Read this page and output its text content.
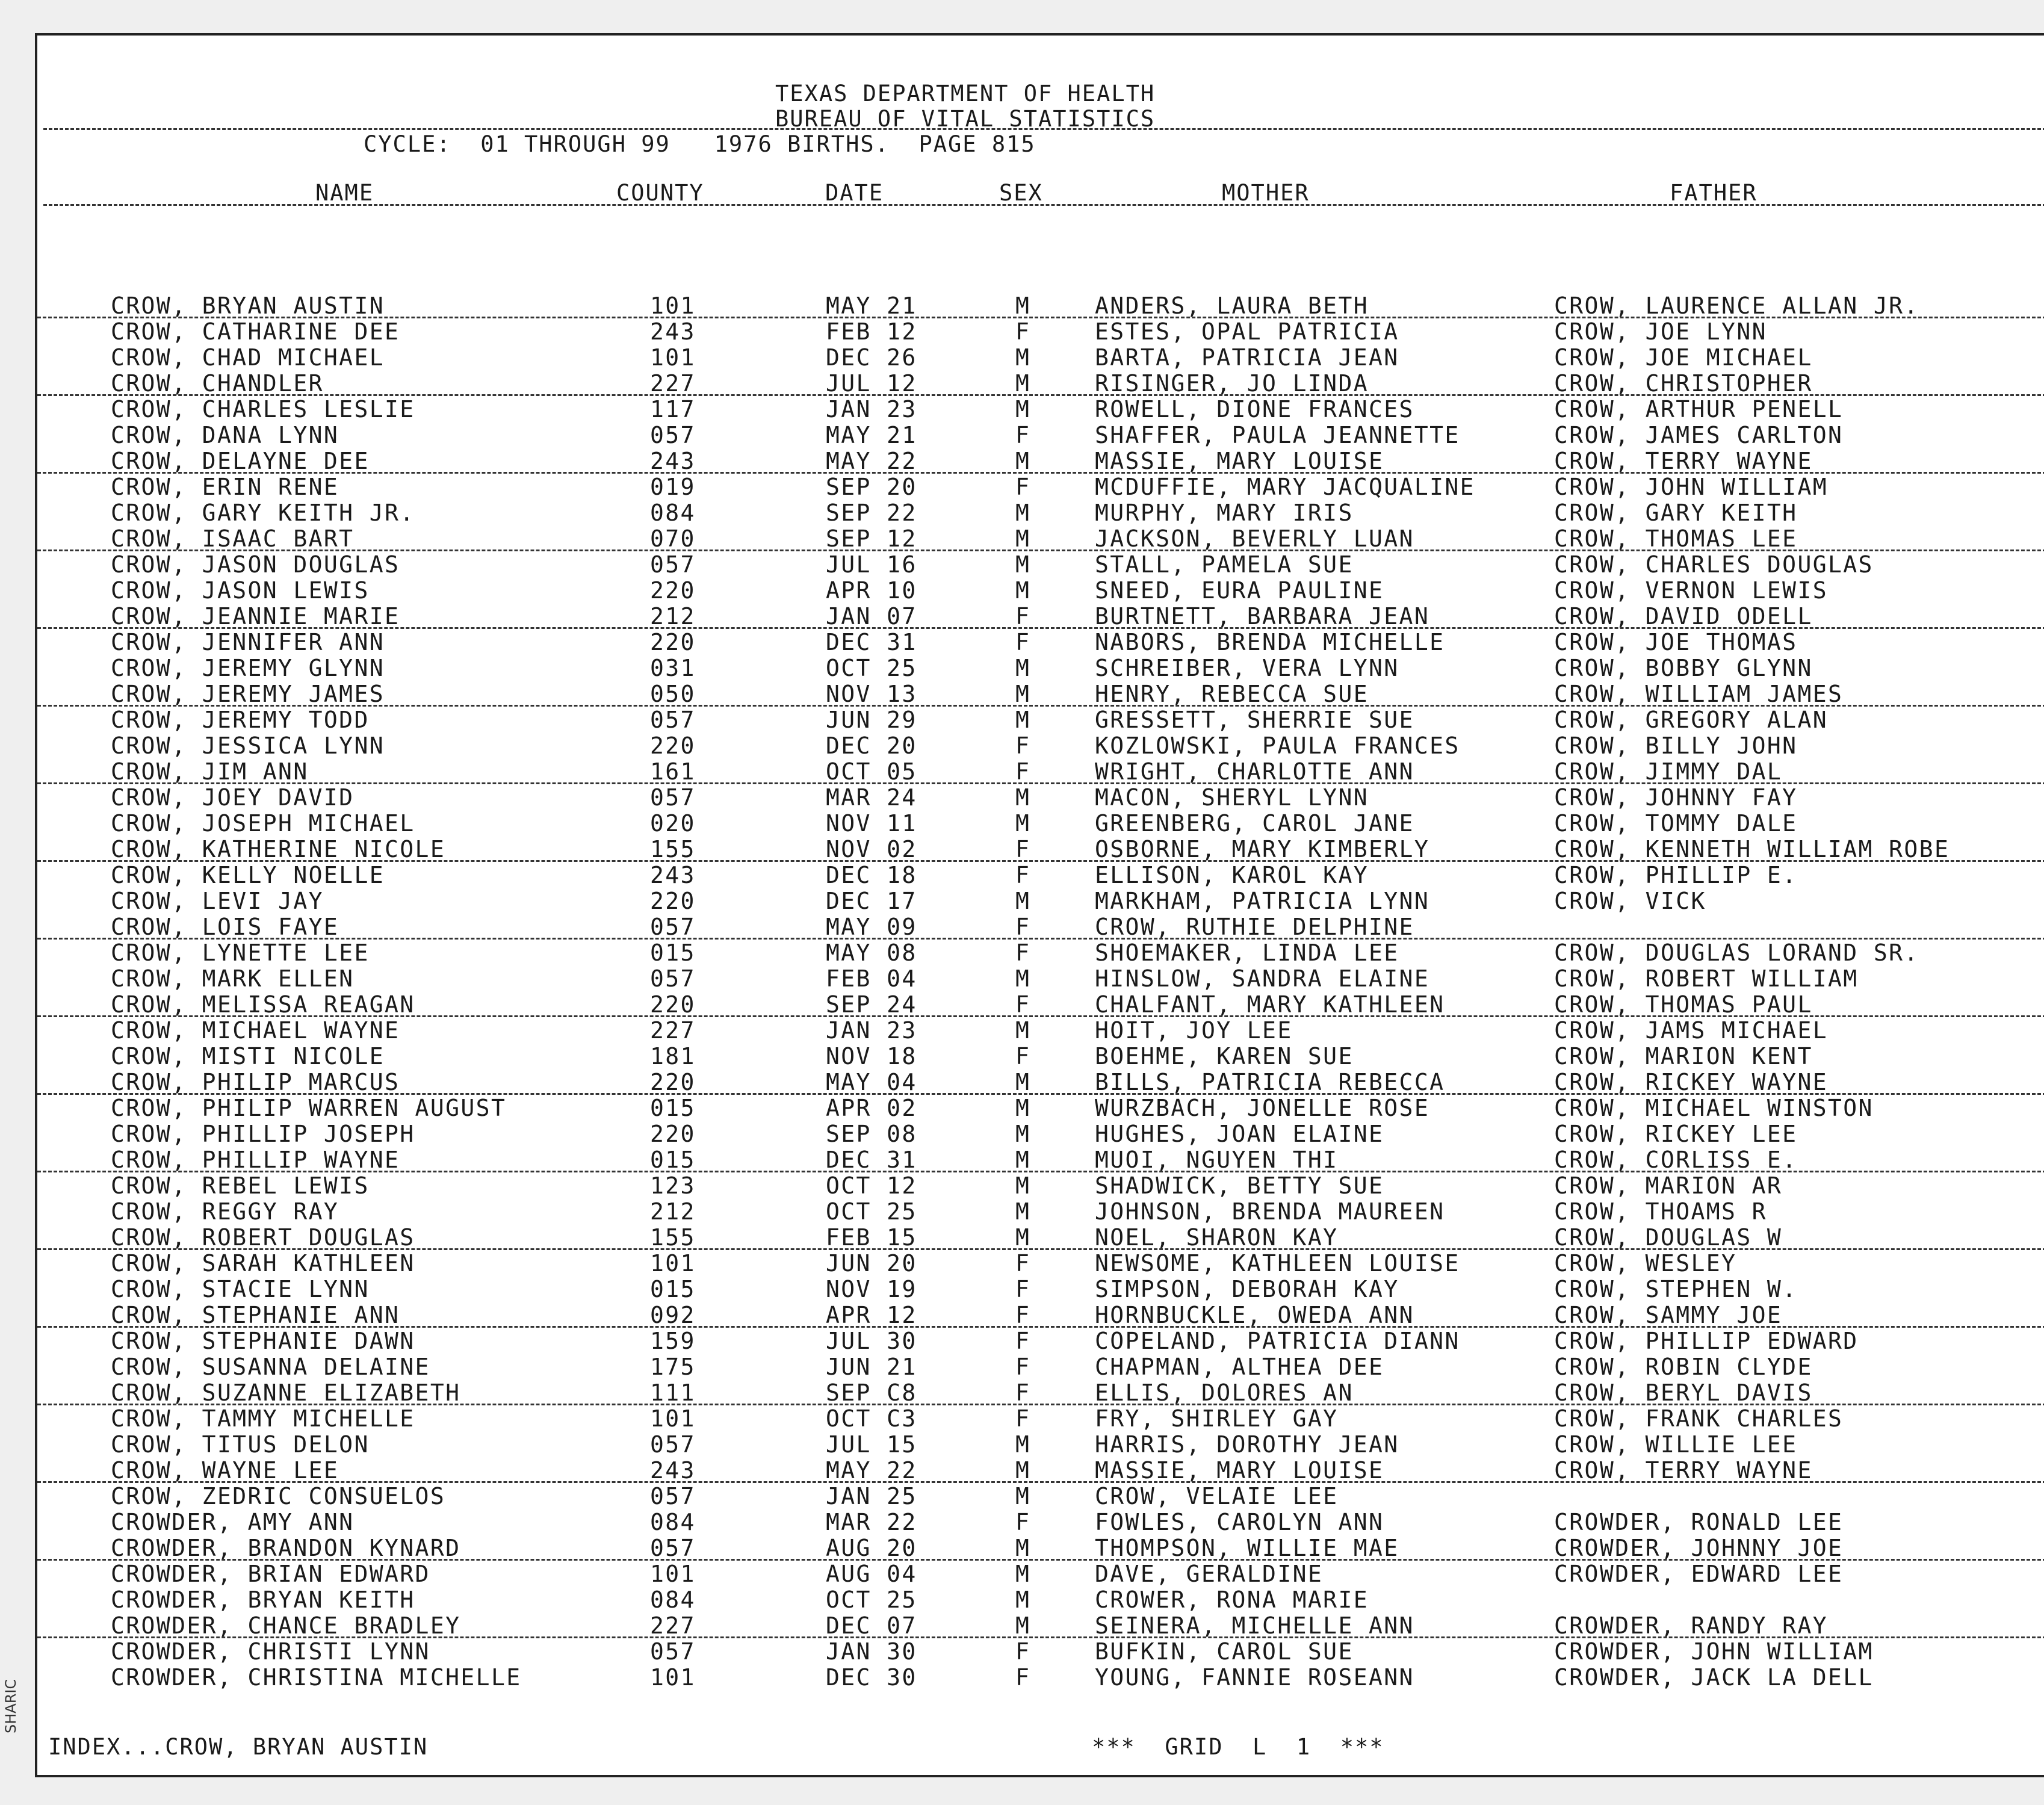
TEXAS DEPARTMENT OF HEALTH
BUREAU OF VITAL STATISTICS
CYCLE:  01 THROUGH 99   1976 BIRTHS.  PAGE 815
NAME	COUNTY	DATE	SEX	MOTHER	FATHER
CROW, BRYAN AUSTIN	101	MAY 21	M	ANDERS, LAURA BETH	CROW, LAURENCE ALLAN JR.
CROW, CATHARINE DEE	243	FEB 12	F	ESTES, OPAL PATRICIA	CROW, JOE LYNN
CROW, CHAD MICHAEL	101	DEC 26	M	BARTA, PATRICIA JEAN	CROW, JOE MICHAEL
CROW, CHANDLER	227	JUL 12	M	RISINGER, JO LINDA	CROW, CHRISTOPHER
CROW, CHARLES LESLIE	117	JAN 23	M	ROWELL, DIONE FRANCES	CROW, ARTHUR PENELL
CROW, DANA LYNN	057	MAY 21	F	SHAFFER, PAULA JEANNETTE	CROW, JAMES CARLTON
CROW, DELAYNE DEE	243	MAY 22	M	MASSIE, MARY LOUISE	CROW, TERRY WAYNE
CROW, ERIN RENE	019	SEP 20	F	MCDUFFIE, MARY JACQUALINE	CROW, JOHN WILLIAM
CROW, GARY KEITH JR.	084	SEP 22	M	MURPHY, MARY IRIS	CROW, GARY KEITH
CROW, ISAAC BART	070	SEP 12	M	JACKSON, BEVERLY LUAN	CROW, THOMAS LEE
CROW, JASON DOUGLAS	057	JUL 16	M	STALL, PAMELA SUE	CROW, CHARLES DOUGLAS
CROW, JASON LEWIS	220	APR 10	M	SNEED, EURA PAULINE	CROW, VERNON LEWIS
CROW, JEANNIE MARIE	212	JAN 07	F	BURTNETT, BARBARA JEAN	CROW, DAVID ODELL
CROW, JENNIFER ANN	220	DEC 31	F	NABORS, BRENDA MICHELLE	CROW, JOE THOMAS
CROW, JEREMY GLYNN	031	OCT 25	M	SCHREIBER, VERA LYNN	CROW, BOBBY GLYNN
CROW, JEREMY JAMES	050	NOV 13	M	HENRY, REBECCA SUE	CROW, WILLIAM JAMES
CROW, JEREMY TODD	057	JUN 29	M	GRESSETT, SHERRIE SUE	CROW, GREGORY ALAN
CROW, JESSICA LYNN	220	DEC 20	F	KOZLOWSKI, PAULA FRANCES	CROW, BILLY JOHN
CROW, JIM ANN	161	OCT 05	F	WRIGHT, CHARLOTTE ANN	CROW, JIMMY DAL
CROW, JOEY DAVID	057	MAR 24	M	MACON, SHERYL LYNN	CROW, JOHNNY FAY
CROW, JOSEPH MICHAEL	020	NOV 11	M	GREENBERG, CAROL JANE	CROW, TOMMY DALE
CROW, KATHERINE NICOLE	155	NOV 02	F	OSBORNE, MARY KIMBERLY	CROW, KENNETH WILLIAM ROBE
CROW, KELLY NOELLE	243	DEC 18	F	ELLISON, KAROL KAY	CROW, PHILLIP E.
CROW, LEVI JAY	220	DEC 17	M	MARKHAM, PATRICIA LYNN	CROW, VICK
CROW, LOIS FAYE	057	MAY 09	F	CROW, RUTHIE DELPHINE
CROW, LYNETTE LEE	015	MAY 08	F	SHOEMAKER, LINDA LEE	CROW, DOUGLAS LORAND SR.
CROW, MARK ELLEN	057	FEB 04	M	HINSLOW, SANDRA ELAINE	CROW, ROBERT WILLIAM
CROW, MELISSA REAGAN	220	SEP 24	F	CHALFANT, MARY KATHLEEN	CROW, THOMAS PAUL
CROW, MICHAEL WAYNE	227	JAN 23	M	HOIT, JOY LEE	CROW, JAMS MICHAEL
CROW, MISTI NICOLE	181	NOV 18	F	BOEHME, KAREN SUE	CROW, MARION KENT
CROW, PHILIP MARCUS	220	MAY 04	M	BILLS, PATRICIA REBECCA	CROW, RICKEY WAYNE
CROW, PHILIP WARREN AUGUST	015	APR 02	M	WURZBACH, JONELLE ROSE	CROW, MICHAEL WINSTON
CROW, PHILLIP JOSEPH	220	SEP 08	M	HUGHES, JOAN ELAINE	CROW, RICKEY LEE
CROW, PHILLIP WAYNE	015	DEC 31	M	MUOI, NGUYEN THI	CROW, CORLISS E.
CROW, REBEL LEWIS	123	OCT 12	M	SHADWICK, BETTY SUE	CROW, MARION AR
CROW, REGGY RAY	212	OCT 25	M	JOHNSON, BRENDA MAUREEN	CROW, THOAMS R
CROW, ROBERT DOUGLAS	155	FEB 15	M	NOEL, SHARON KAY	CROW, DOUGLAS W
CROW, SARAH KATHLEEN	101	JUN 20	F	NEWSOME, KATHLEEN LOUISE	CROW, WESLEY
CROW, STACIE LYNN	015	NOV 19	F	SIMPSON, DEBORAH KAY	CROW, STEPHEN W.
CROW, STEPHANIE ANN	092	APR 12	F	HORNBUCKLE, OWEDA ANN	CROW, SAMMY JOE
CROW, STEPHANIE DAWN	159	JUL 30	F	COPELAND, PATRICIA DIANN	CROW, PHILLIP EDWARD
CROW, SUSANNA DELAINE	175	JUN 21	F	CHAPMAN, ALTHEA DEE	CROW, ROBIN CLYDE
CROW, SUZANNE ELIZABETH	111	SEP C8	F	ELLIS, DOLORES AN	CROW, BERYL DAVIS
CROW, TAMMY MICHELLE	101	OCT C3	F	FRY, SHIRLEY GAY	CROW, FRANK CHARLES
CROW, TITUS DELON	057	JUL 15	M	HARRIS, DOROTHY JEAN	CROW, WILLIE LEE
CROW, WAYNE LEE	243	MAY 22	M	MASSIE, MARY LOUISE	CROW, TERRY WAYNE
CROW, ZEDRIC CONSUELOS	057	JAN 25	M	CROW, VELAIE LEE
CROWDER, AMY ANN	084	MAR 22	F	FOWLES, CAROLYN ANN	CROWDER, RONALD LEE
CROWDER, BRANDON KYNARD	057	AUG 20	M	THOMPSON, WILLIE MAE	CROWDER, JOHNNY JOE
CROWDER, BRIAN EDWARD	101	AUG 04	M	DAVE, GERALDINE	CROWDER, EDWARD LEE
CROWDER, BRYAN KEITH	084	OCT 25	M	CROWER, RONA MARIE
CROWDER, CHANCE BRADLEY	227	DEC 07	M	SEINERA, MICHELLE ANN	CROWDER, RANDY RAY
CROWDER, CHRISTI LYNN	057	JAN 30	F	BUFKIN, CAROL SUE	CROWDER, JOHN WILLIAM
CROWDER, CHRISTINA MICHELLE	101	DEC 30	F	YOUNG, FANNIE ROSEANN	CROWDER, JACK LA DELL
INDEX...CROW, BRYAN AUSTIN	***  GRID  L  1  ***
SHARIC
